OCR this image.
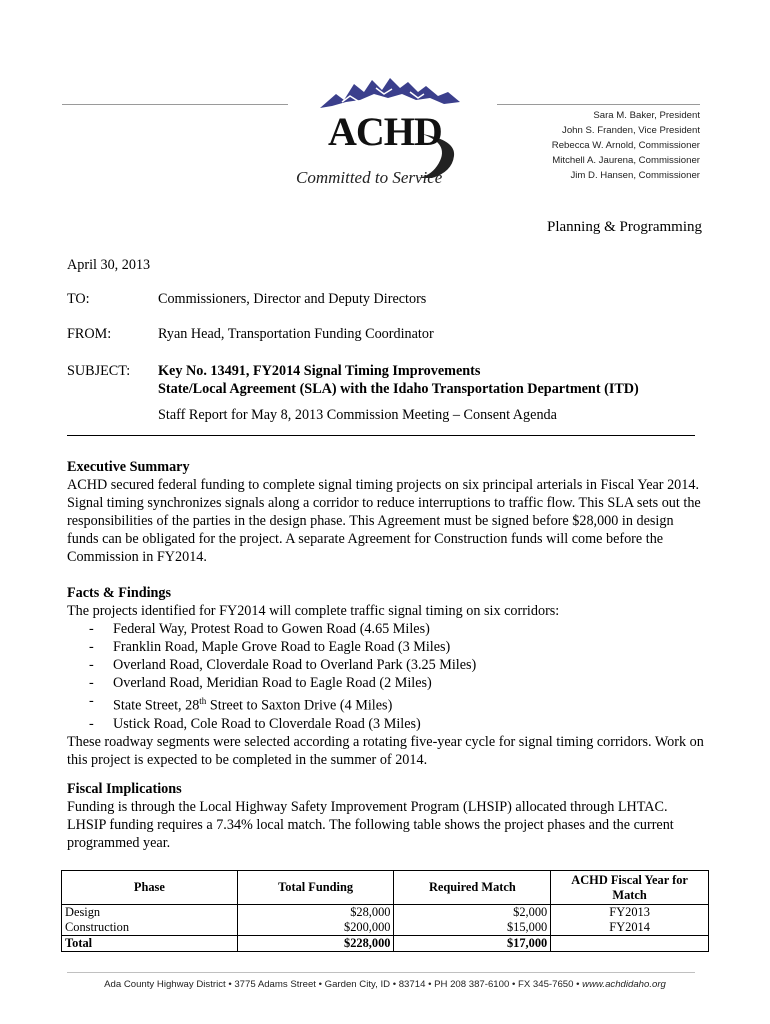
ACHD
Committed to Service
Sara M. Baker, President
John S. Franden, Vice President
Rebecca W. Arnold, Commissioner
Mitchell A. Jaurena, Commissioner
Jim D. Hansen, Commissioner
Planning & Programming
April 30, 2013
TO:	Commissioners, Director and Deputy Directors
FROM:	Ryan Head, Transportation Funding Coordinator
SUBJECT: Key No. 13491, FY2014 Signal Timing Improvements
State/Local Agreement (SLA) with the Idaho Transportation Department (ITD)
Staff Report for May 8, 2013 Commission Meeting – Consent Agenda
Executive Summary
ACHD secured federal funding to complete signal timing projects on six principal arterials in Fiscal Year 2014. Signal timing synchronizes signals along a corridor to reduce interruptions to traffic flow. This SLA sets out the responsibilities of the parties in the design phase. This Agreement must be signed before $28,000 in design funds can be obligated for the project. A separate Agreement for Construction funds will come before the Commission in FY2014.
Facts & Findings
The projects identified for FY2014 will complete traffic signal timing on six corridors:
- Federal Way, Protest Road to Gowen Road (4.65 Miles)
- Franklin Road, Maple Grove Road to Eagle Road (3 Miles)
- Overland Road, Cloverdale Road to Overland Park (3.25 Miles)
- Overland Road, Meridian Road to Eagle Road (2 Miles)
- State Street, 28th Street to Saxton Drive (4 Miles)
- Ustick Road, Cole Road to Cloverdale Road (3 Miles)
These roadway segments were selected according a rotating five-year cycle for signal timing corridors. Work on this project is expected to be completed in the summer of 2014.
Fiscal Implications
Funding is through the Local Highway Safety Improvement Program (LHSIP) allocated through LHTAC. LHSIP funding requires a 7.34% local match. The following table shows the project phases and the current programmed year.
Phase	Total Funding	Required Match	ACHD Fiscal Year for Match
Design	$28,000	$2,000	FY2013
Construction	$200,000	$15,000	FY2014
Total	$228,000	$17,000	
Ada County Highway District • 3775 Adams Street • Garden City, ID • 83714 • PH 208 387-6100 • FX 345-7650 • www.achdidaho.org
